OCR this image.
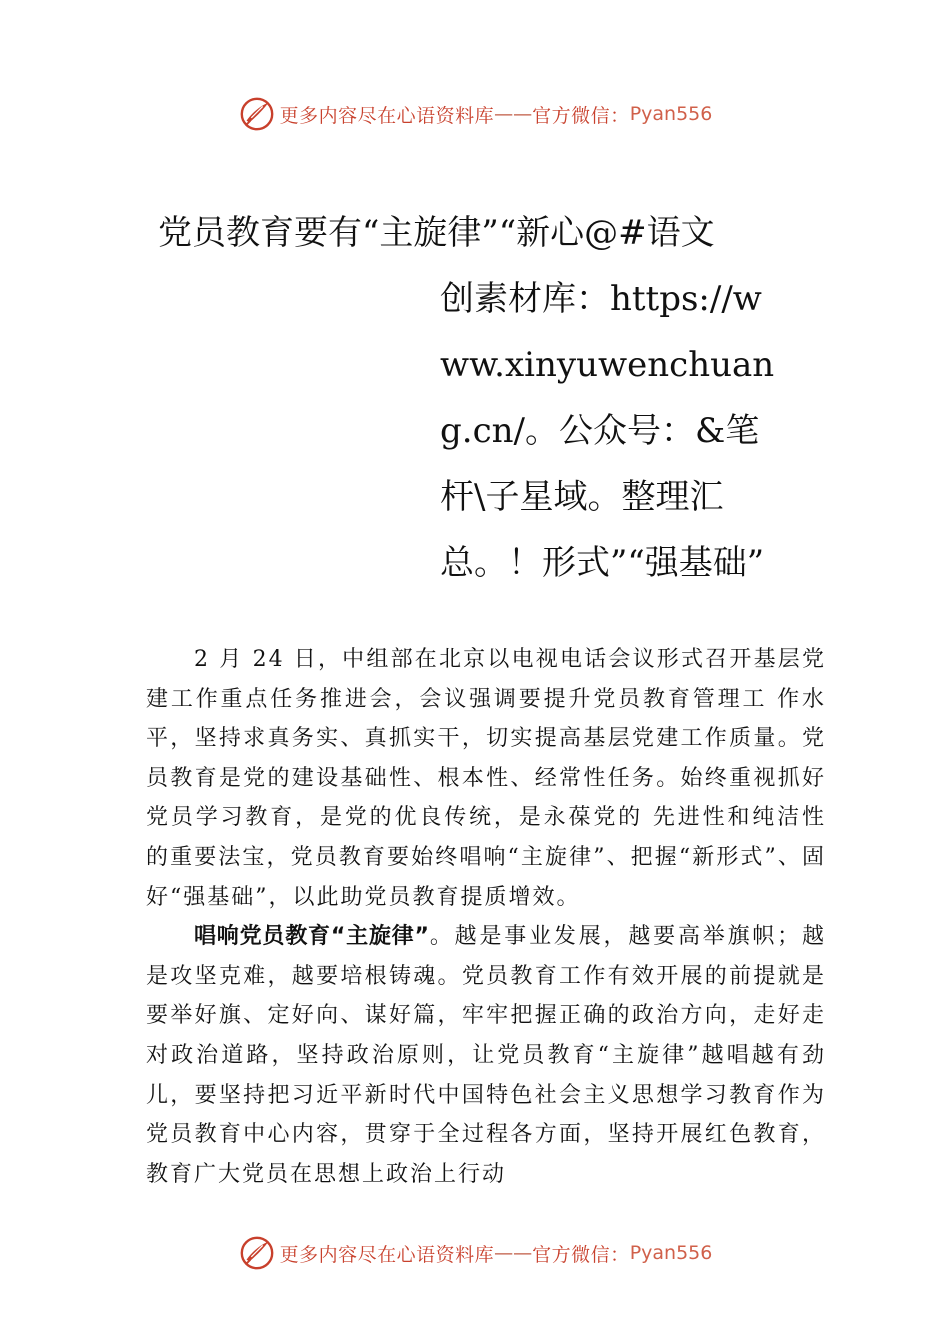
更多内容尽在心语资料库 —— 官方微信： Pyan556
党员教育要有“主旋律”“新心@#语文
创素材库：https://www.xinyuwenchuang.cn/。公众号：&笔杆\子星域。整理汇总。！形式”“强基础”

2 月 24 日，中组部在北京以电视电话会议形式召开基层党建工作重点任务推进会，会议强调要提升党员教育管理工 作水平，坚持求真务实、真抓实干，切实提高基层党建工作质量。党员教育是党的建设基础性、根本性、经常性任务。始终重视抓好党员学习教育，是党的优良传统，是永葆党的 先进性和纯洁性的重要法宝，党员教育要始终唱响“主旋律”、把握“新形式”、固好“强基础”，以此助党员教育提质增效。

唱响党员教育“主旋律”。越是事业发展，越要高举旗帜；越是攻坚克难，越要培根铸魂。党员教育工作有效开展的前提就是要举好旗、定好向、谋好篇，牢牢把握正确的政治方向，走好走对政治道路，坚持政治原则，让党员教育“主旋律”越唱越有劲儿，要坚持把习近平新时代中国特色社会主义思想学习教育作为党员教育中心内容，贯穿于全过程各方面，坚持开展红色教育，教育广大党员在思想上政治上行动

更多内容尽在心语资料库 —— 官方微信： Pyan556
